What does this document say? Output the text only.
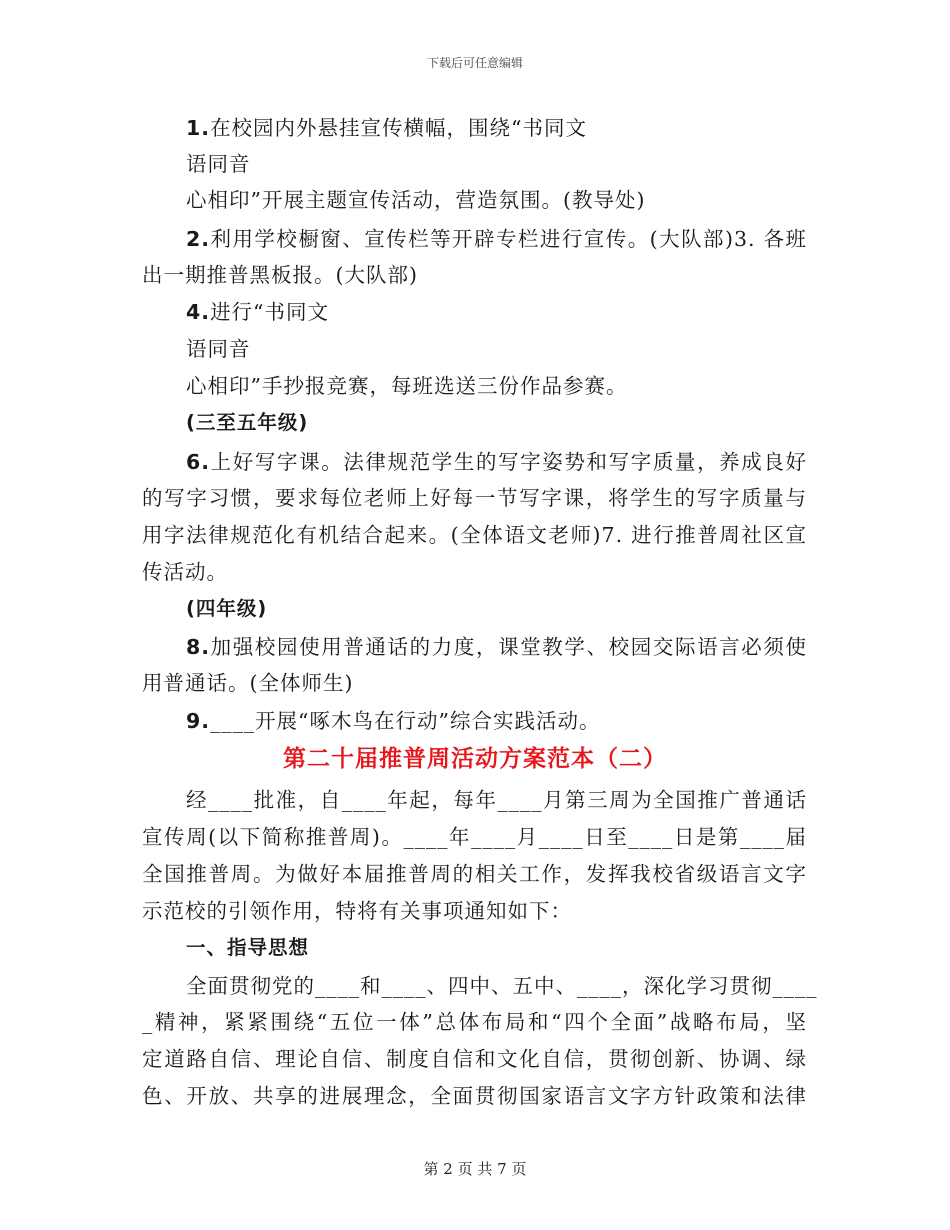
下载后可任意编辑
1.在校园内外悬挂宣传横幅，围绕“书同文
语同音
心相印”开展主题宣传活动，营造氛围。(教导处)
2.利用学校橱窗、宣传栏等开辟专栏进行宣传。(大队部)3. 各班
出一期推普黑板报。(大队部)
4.进行“书同文
语同音
心相印”手抄报竞赛，每班选送三份作品参赛。
(三至五年级)
6.上好写字课。法律规范学生的写字姿势和写字质量，养成良好
的写字习惯，要求每位老师上好每一节写字课，将学生的写字质量与
用字法律规范化有机结合起来。(全体语文老师)7. 进行推普周社区宣
传活动。
(四年级)
8.加强校园使用普通话的力度，课堂教学、校园交际语言必须使
用普通话。(全体师生)
9.____开展“啄木鸟在行动”综合实践活动。
第二十届推普周活动方案范本（二）
经____批准，自____年起，每年____月第三周为全国推广普通话
宣传周(以下简称推普周)。____年____月____日至____日是第____届
全国推普周。为做好本届推普周的相关工作，发挥我校省级语言文字
示范校的引领作用，特将有关事项通知如下：
一、指导思想
全面贯彻党的____和____、四中、五中、____，深化学习贯彻____
_精神，紧紧围绕“五位一体”总体布局和“四个全面”战略布局，坚
定道路自信、理论自信、制度自信和文化自信，贯彻创新、协调、绿
色、开放、共享的进展理念，全面贯彻国家语言文字方针政策和法律
第 2 页 共 7 页
